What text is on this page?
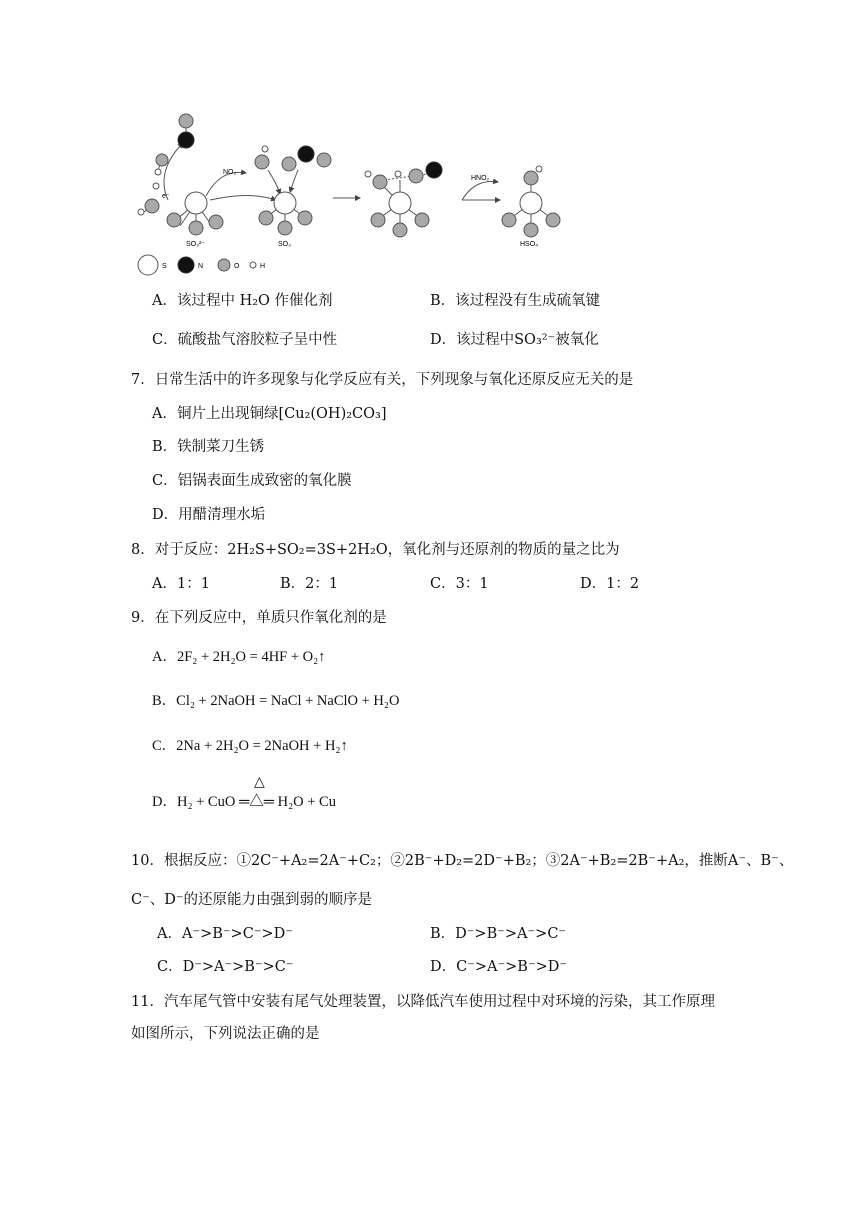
e⁻
SO₃²⁻
NO₂
SO₃
HNO₂
HSO₄
S	N	O	H
A．该过程中 H₂O 作催化剂	B．该过程没有生成硫氧键
C．硫酸盐气溶胶粒子呈中性	D．该过程中SO₃²⁻被氧化
7．日常生活中的许多现象与化学反应有关，下列现象与氧化还原反应无关的是
A．铜片上出现铜绿[Cu₂(OH)₂CO₃]
B．铁制菜刀生锈
C．铝锅表面生成致密的氧化膜
D．用醋清理水垢
8．对于反应：2H₂S+SO₂=3S+2H₂O，氧化剂与还原剂的物质的量之比为
A．1：1	B．2：1	C．3：1	D．1：2
9．在下列反应中，单质只作氧化剂的是
A．2F₂ + 2H₂O = 4HF + O₂↑
B．Cl₂ + 2NaOH = NaCl + NaClO + H₂O
C．2Na + 2H₂O = 2NaOH + H₂↑
D．H₂ + CuO ═△═ H₂O + Cu
△
10．根据反应：①2C⁻+A₂=2A⁻+C₂；②2B⁻+D₂=2D⁻+B₂；③2A⁻+B₂=2B⁻+A₂，推断A⁻、B⁻、
C⁻、D⁻的还原能力由强到弱的顺序是
A．A⁻>B⁻>C⁻>D⁻	B．D⁻>B⁻>A⁻>C⁻
C．D⁻>A⁻>B⁻>C⁻	D．C⁻>A⁻>B⁻>D⁻
11．汽车尾气管中安装有尾气处理装置，以降低汽车使用过程中对环境的污染，其工作原理
如图所示，下列说法正确的是
